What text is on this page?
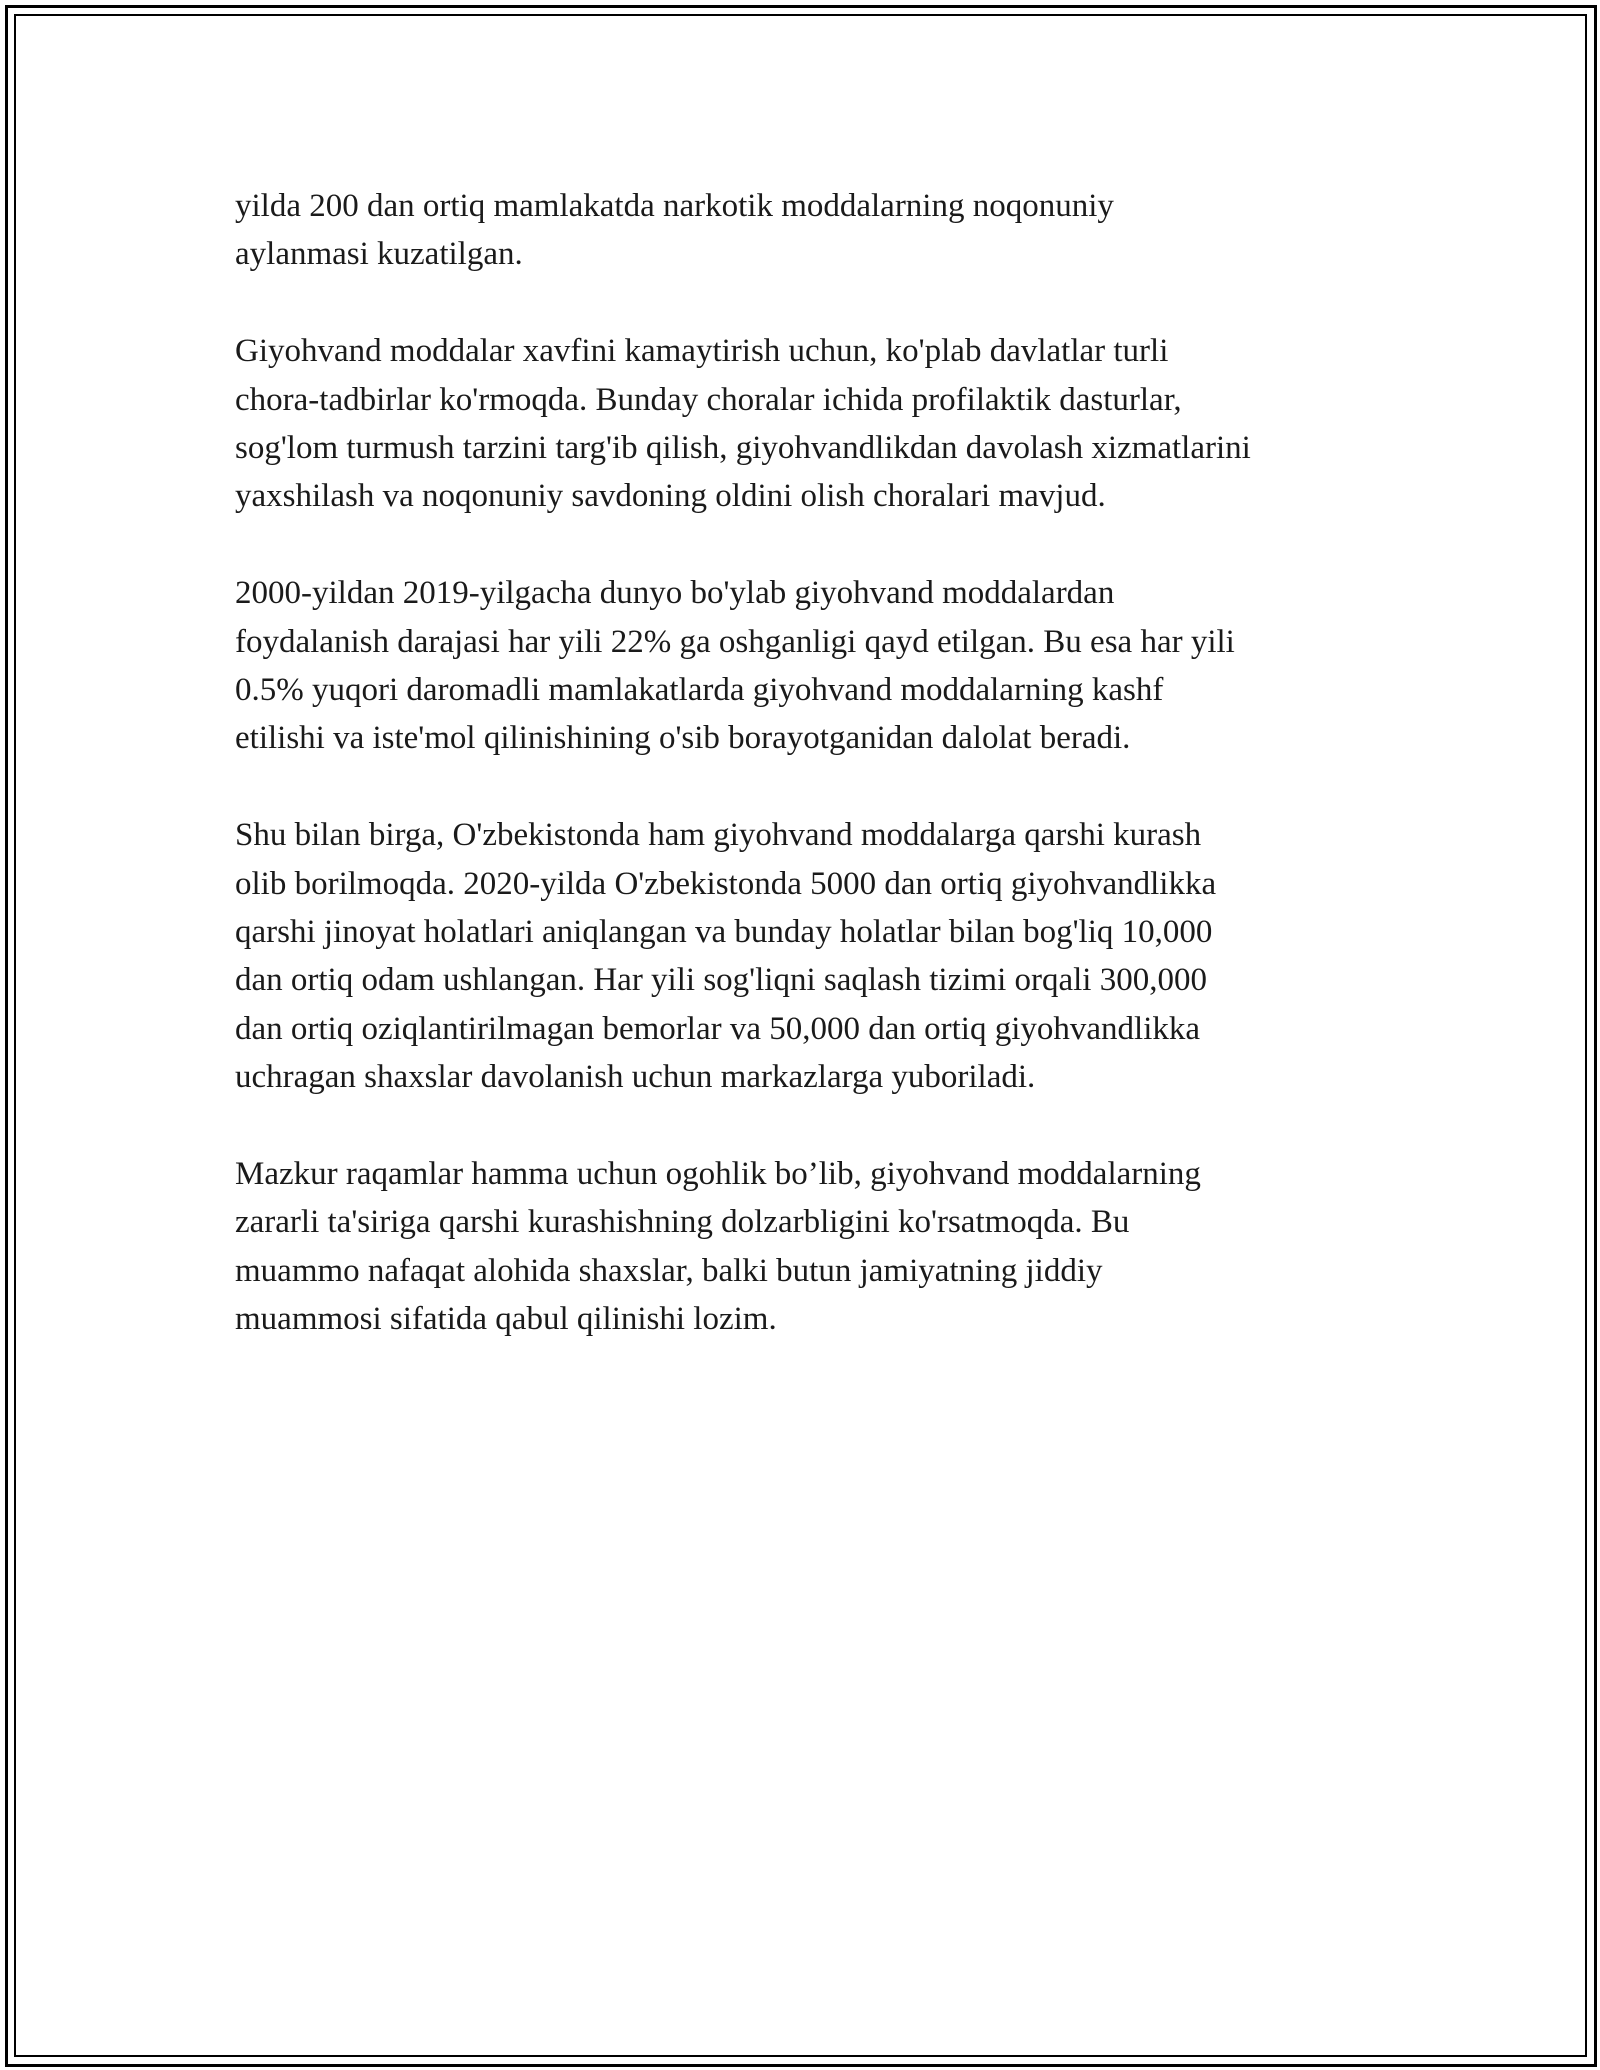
yilda 200 dan ortiq mamlakatda narkotik moddalarning noqonuniy
aylanmasi kuzatilgan.

Giyohvand moddalar xavfini kamaytirish uchun, ko'plab davlatlar turli
chora-tadbirlar ko'rmoqda. Bunday choralar ichida profilaktik dasturlar,
sog'lom turmush tarzini targ'ib qilish, giyohvandlikdan davolash xizmatlarini
yaxshilash va noqonuniy savdoning oldini olish choralari mavjud.

2000-yildan 2019-yilgacha dunyo bo'ylab giyohvand moddalardan
foydalanish darajasi har yili 22% ga oshganligi qayd etilgan. Bu esa har yili
0.5% yuqori daromadli mamlakatlarda giyohvand moddalarning kashf
etilishi va iste'mol qilinishining o'sib borayotganidan dalolat beradi.

Shu bilan birga, O'zbekistonda ham giyohvand moddalarga qarshi kurash
olib borilmoqda. 2020-yilda O'zbekistonda 5000 dan ortiq giyohvandlikka
qarshi jinoyat holatlari aniqlangan va bunday holatlar bilan bog'liq 10,000
dan ortiq odam ushlangan. Har yili sog'liqni saqlash tizimi orqali 300,000
dan ortiq oziqlantirilmagan bemorlar va 50,000 dan ortiq giyohvandlikka
uchragan shaxslar davolanish uchun markazlarga yuboriladi.

Mazkur raqamlar hamma uchun ogohlik bo’lib, giyohvand moddalarning
zararli ta'siriga qarshi kurashishning dolzarbligini ko'rsatmoqda. Bu
muammo nafaqat alohida shaxslar, balki butun jamiyatning jiddiy
muammosi sifatida qabul qilinishi lozim.
